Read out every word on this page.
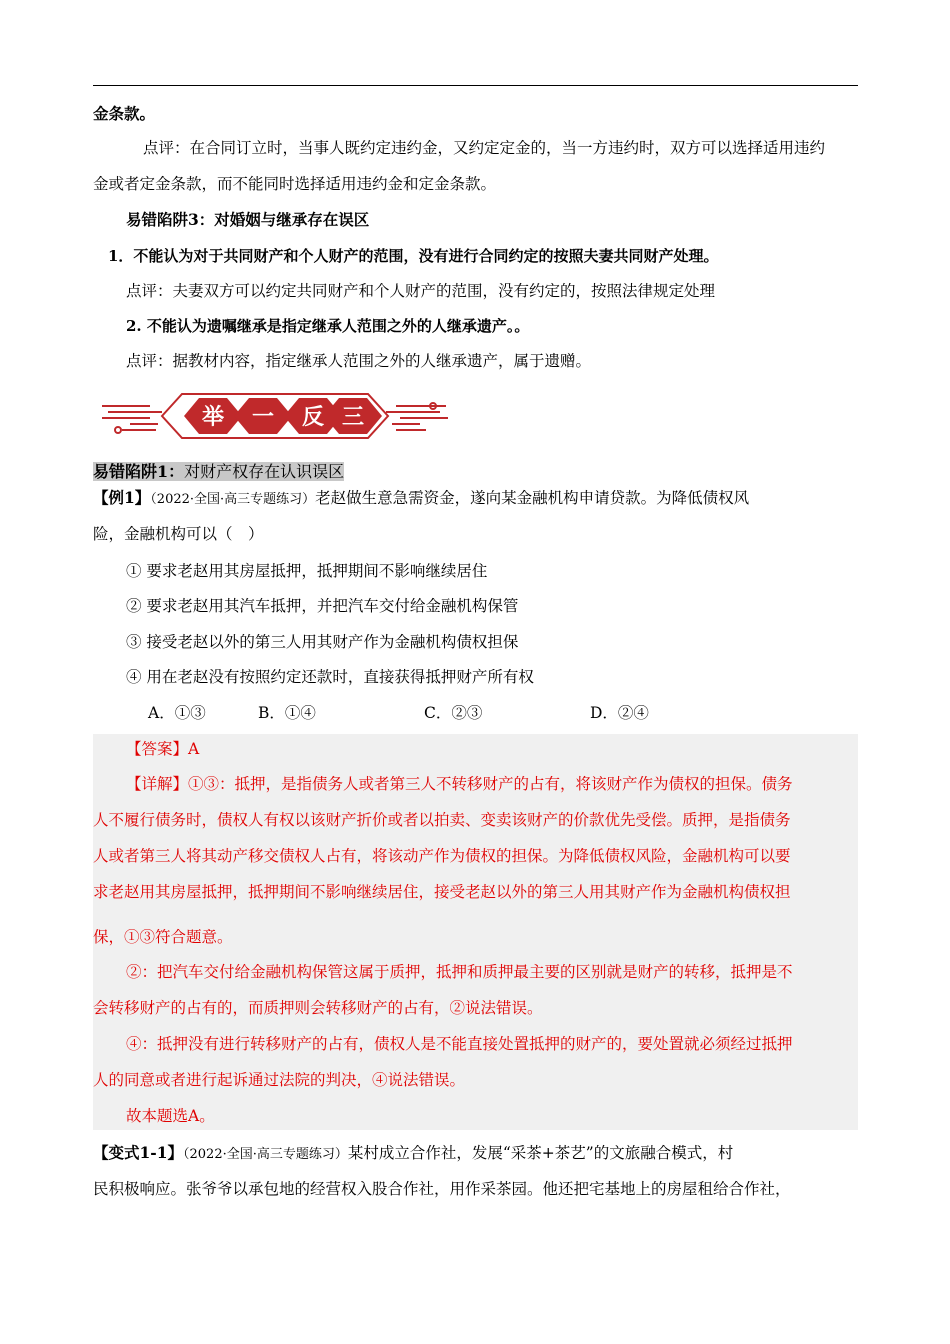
金条款。
点评：在合同订立时，当事人既约定违约金，又约定定金的，当一方违约时，双方可以选择适用违约
金或者定金条款，而不能同时选择适用违约金和定金条款。
易错陷阱3：对婚姻与继承存在误区
1．不能认为对于共同财产和个人财产的范围，没有进行合同约定的按照夫妻共同财产处理。
点评：夫妻双方可以约定共同财产和个人财产的范围，没有约定的，按照法律规定处理
2. 不能认为遗嘱继承是指定继承人范围之外的人继承遗产。。
点评：据教材内容，指定继承人范围之外的人继承遗产，属于遗赠。
举 一 反 三
易错陷阱1：对财产权存在认识误区
【例1】（2022·全国·高三专题练习）老赵做生意急需资金，遂向某金融机构申请贷款。为降低债权风
险，金融机构可以（　）
① 要求老赵用其房屋抵押，抵押期间不影响继续居住
② 要求老赵用其汽车抵押，并把汽车交付给金融机构保管
③ 接受老赵以外的第三人用其财产作为金融机构债权担保
④ 用在老赵没有按照约定还款时，直接获得抵押财产所有权
A．①③	B．①④	C．②③	D．②④
【答案】A
【详解】①③：抵押，是指债务人或者第三人不转移财产的占有，将该财产作为债权的担保。债务
人不履行债务时，债权人有权以该财产折价或者以拍卖、变卖该财产的价款优先受偿。质押，是指债务
人或者第三人将其动产移交债权人占有，将该动产作为债权的担保。为降低债权风险，金融机构可以要
求老赵用其房屋抵押，抵押期间不影响继续居住，接受老赵以外的第三人用其财产作为金融机构债权担
保，①③符合题意。
②：把汽车交付给金融机构保管这属于质押，抵押和质押最主要的区别就是财产的转移，抵押是不
会转移财产的占有的，而质押则会转移财产的占有，②说法错误。
④：抵押没有进行转移财产的占有，债权人是不能直接处置抵押的财产的，要处置就必须经过抵押
人的同意或者进行起诉通过法院的判决，④说法错误。
故本题选A。
【变式1-1】（2022·全国·高三专题练习）某村成立合作社，发展“采茶+茶艺”的文旅融合模式，村
民积极响应。张爷爷以承包地的经营权入股合作社，用作采茶园。他还把宅基地上的房屋租给合作社，
